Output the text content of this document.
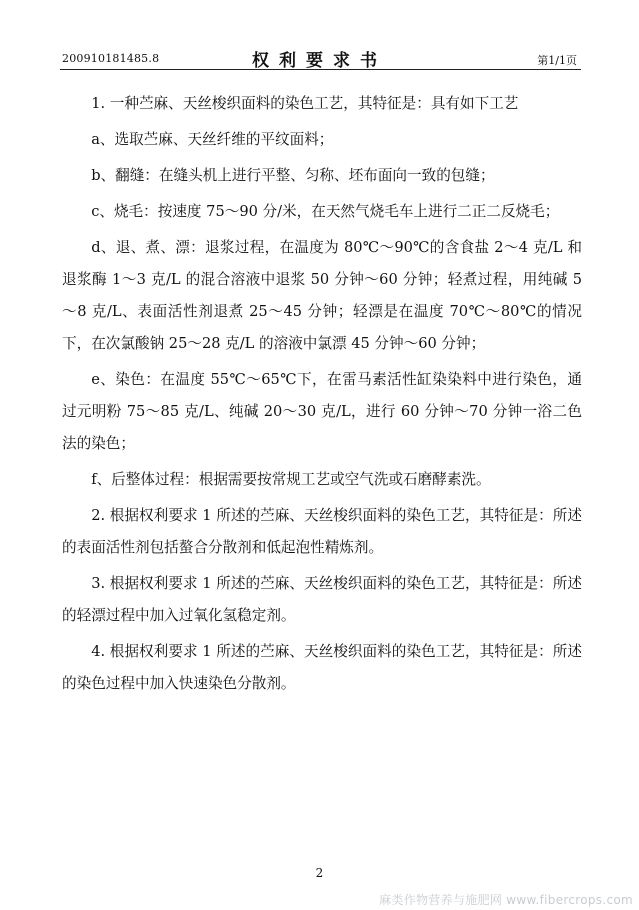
200910181485.8	权利要求书	第1/1页

1. 一种苎麻、天丝梭织面料的染色工艺，其特征是：具有如下工艺

a、选取苎麻、天丝纤维的平纹面料；

b、翻缝：在缝头机上进行平整、匀称、坯布面向一致的包缝；

c、烧毛：按速度 75～90 分/米，在天然气烧毛车上进行二正二反烧毛；

d、退、煮、漂：退浆过程，在温度为 80℃～90℃的含食盐 2～4 克/L 和退浆酶 1～3 克/L 的混合溶液中退浆 50 分钟～60 分钟；轻煮过程，用纯碱 5～8 克/L、表面活性剂退煮 25～45 分钟；轻漂是在温度 70℃～80℃的情况下，在次氯酸钠 25～28 克/L 的溶液中氯漂 45 分钟～60 分钟；

e、染色：在温度 55℃～65℃下，在雷马素活性缸染染料中进行染色，通过元明粉 75～85 克/L、纯碱 20～30 克/L，进行 60 分钟～70 分钟一浴二色法的染色；

f、后整体过程：根据需要按常规工艺或空气洗或石磨酵素洗。

2. 根据权利要求 1 所述的苎麻、天丝梭织面料的染色工艺，其特征是：所述的表面活性剂包括螯合分散剂和低起泡性精炼剂。

3. 根据权利要求 1 所述的苎麻、天丝梭织面料的染色工艺，其特征是：所述的轻漂过程中加入过氧化氢稳定剂。

4. 根据权利要求 1 所述的苎麻、天丝梭织面料的染色工艺，其特征是：所述的染色过程中加入快速染色分散剂。

2
麻类作物营养与施肥网 www.fibercrops.com
